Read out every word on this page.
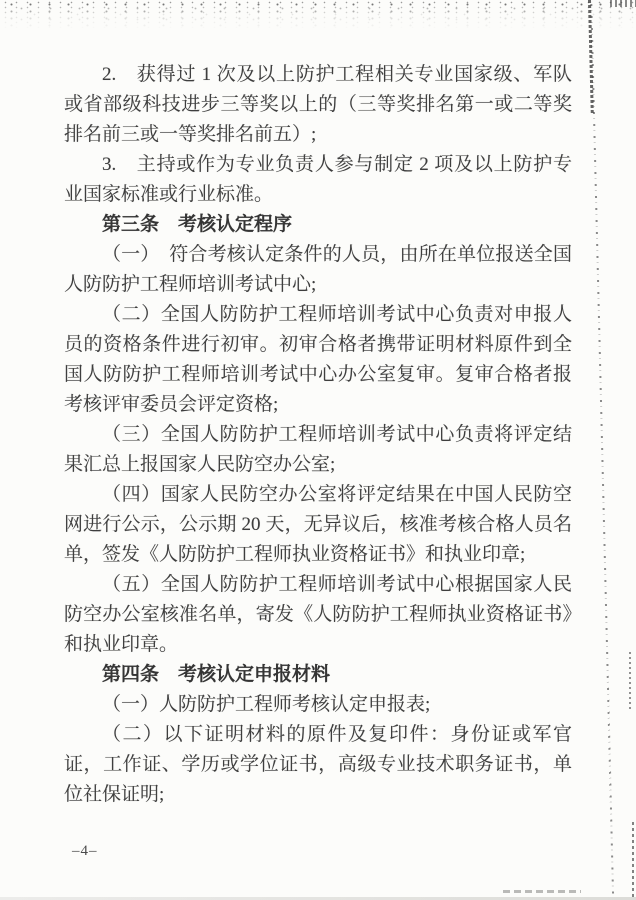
2.　获得过 1 次及以上防护工程相关专业国家级、军队或省部级科技进步三等奖以上的（三等奖排名第一或二等奖排名前三或一等奖排名前五）;

3.　主持或作为专业负责人参与制定 2 项及以上防护专业国家标准或行业标准。

第三条　考核认定程序

（一）　符合考核认定条件的人员，由所在单位报送全国人防防护工程师培训考试中心;

（二）全国人防防护工程师培训考试中心负责对申报人员的资格条件进行初审。初审合格者携带证明材料原件到全国人防防护工程师培训考试中心办公室复审。复审合格者报考核评审委员会评定资格;

（三）全国人防防护工程师培训考试中心负责将评定结果汇总上报国家人民防空办公室;

（四）国家人民防空办公室将评定结果在中国人民防空网进行公示，公示期 20 天，无异议后，核准考核合格人员名单，签发《人防防护工程师执业资格证书》和执业印章;

（五）全国人防防护工程师培训考试中心根据国家人民防空办公室核准名单，寄发《人防防护工程师执业资格证书》和执业印章。

第四条　考核认定申报材料

（一）人防防护工程师考核认定申报表;

（二）以下证明材料的原件及复印件：身份证或军官证，工作证、学历或学位证书，高级专业技术职务证书，单位社保证明;

–4–
